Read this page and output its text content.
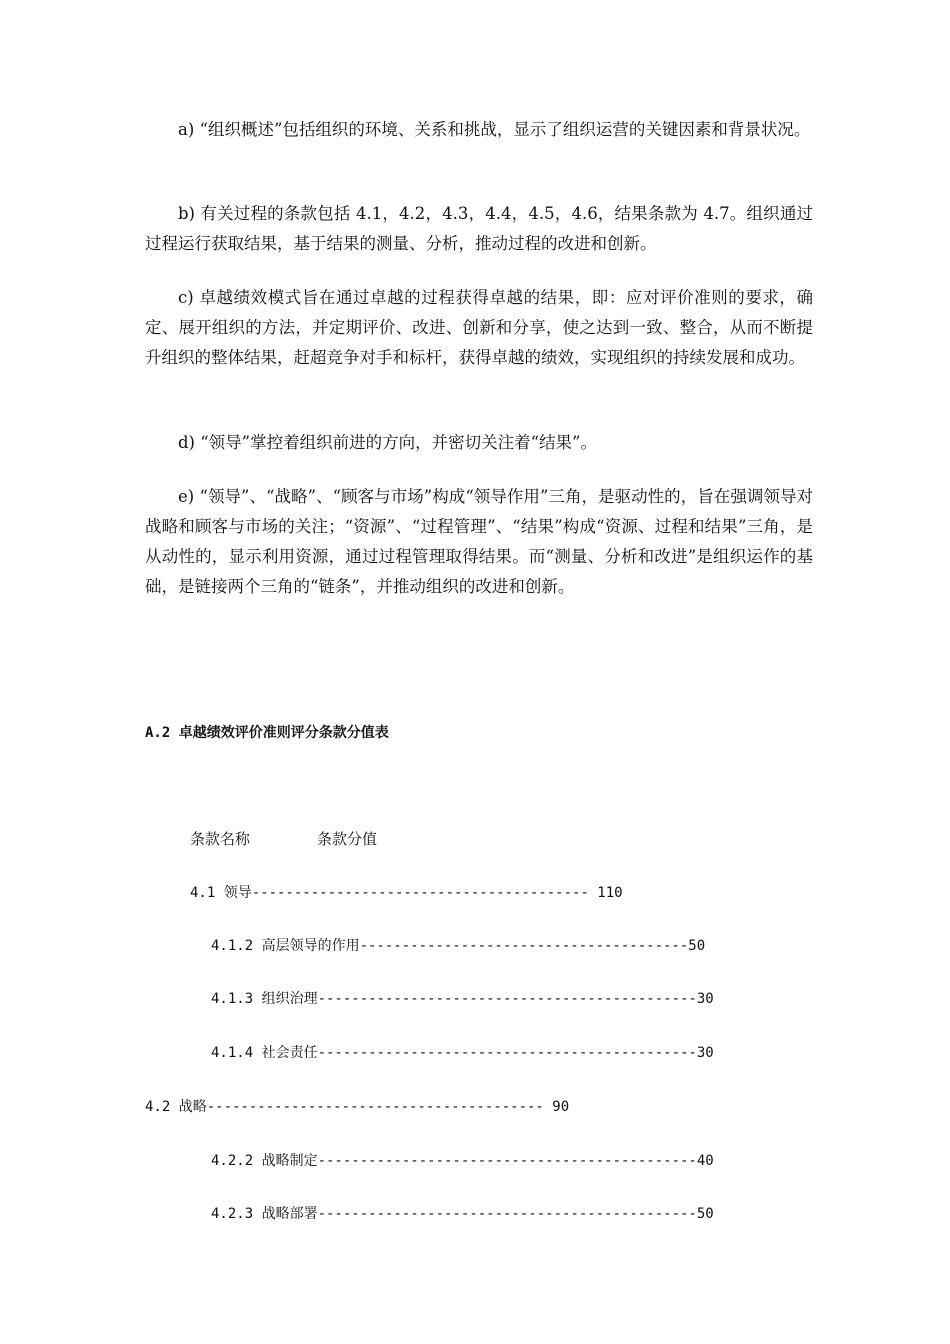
a) “组织概述”包括组织的环境、关系和挑战，显示了组织运营的关键因素和背景状况。

b) 有关过程的条款包括 4.1，4.2，4.3，4.4，4.5，4.6，结果条款为 4.7。组织通过过程运行获取结果，基于结果的测量、分析，推动过程的改进和创新。

c) 卓越绩效模式旨在通过卓越的过程获得卓越的结果，即：应对评价准则的要求，确定、展开组织的方法，并定期评价、改进、创新和分享，使之达到一致、整合，从而不断提升组织的整体结果，赶超竞争对手和标杆，获得卓越的绩效，实现组织的持续发展和成功。

d) “领导”掌控着组织前进的方向，并密切关注着“结果”。

e) “领导”、“战略”、“顾客与市场”构成“领导作用”三角，是驱动性的，旨在强调领导对战略和顾客与市场的关注；“资源”、“过程管理”、“结果”构成“资源、过程和结果”三角，是从动性的，显示利用资源，通过过程管理取得结果。而“测量、分析和改进”是组织运作的基础，是链接两个三角的“链条”，并推动组织的改进和创新。

A.2 卓越绩效评价准则评分条款分值表

条款名称	条款分值
4.1 领导---------------------------------------- 110
4.1.2 高层领导的作用---------------------------------------50
4.1.3 组织治理---------------------------------------------30
4.1.4 社会责任---------------------------------------------30
4.2 战略---------------------------------------- 90
4.2.2 战略制定---------------------------------------------40
4.2.3 战略部署---------------------------------------------50
